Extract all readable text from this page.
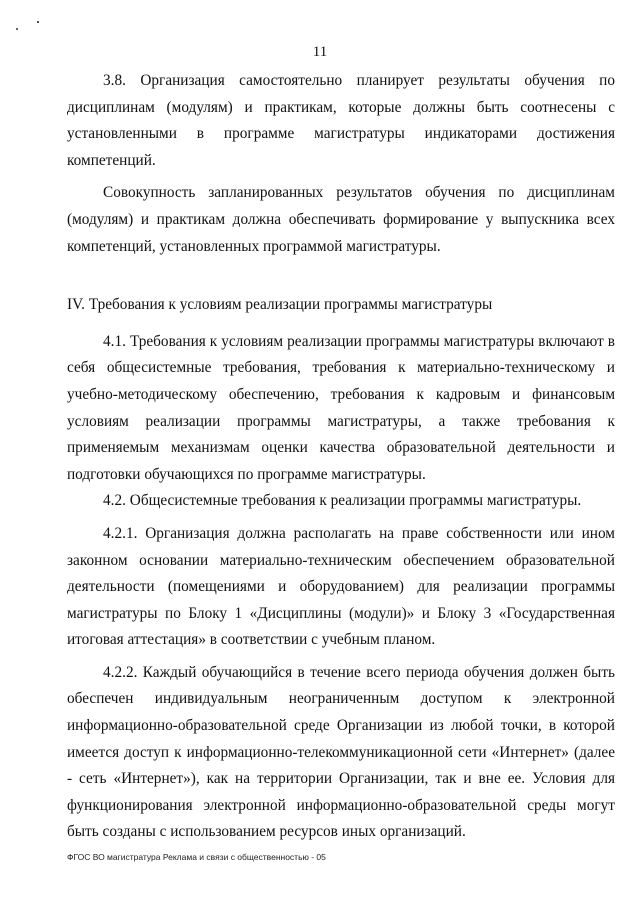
11

3.8. Организация самостоятельно планирует результаты обучения по дисциплинам (модулям) и практикам, которые должны быть соотнесены с установленными в программе магистратуры индикаторами достижения компетенций.

Совокупность запланированных результатов обучения по дисциплинам (модулям) и практикам должна обеспечивать формирование у выпускника всех компетенций, установленных программой магистратуры.

IV. Требования к условиям реализации программы магистратуры

4.1. Требования к условиям реализации программы магистратуры включают в себя общесистемные требования, требования к материально-техническому и учебно-методическому обеспечению, требования к кадровым и финансовым условиям реализации программы магистратуры, а также требования к применяемым механизмам оценки качества образовательной деятельности и подготовки обучающихся по программе магистратуры.

4.2. Общесистемные требования к реализации программы магистратуры.

4.2.1. Организация должна располагать на праве собственности или ином законном основании материально-техническим обеспечением образовательной деятельности (помещениями и оборудованием) для реализации программы магистратуры по Блоку 1 «Дисциплины (модули)» и Блоку 3 «Государственная итоговая аттестация» в соответствии с учебным планом.

4.2.2. Каждый обучающийся в течение всего периода обучения должен быть обеспечен индивидуальным неограниченным доступом к электронной информационно-образовательной среде Организации из любой точки, в которой имеется доступ к информационно-телекоммуникационной сети «Интернет» (далее - сеть «Интернет»), как на территории Организации, так и вне ее. Условия для функционирования электронной информационно-образовательной среды могут быть созданы с использованием ресурсов иных организаций.

ФГОС ВО магистратура Реклама и связи с общественностью - 05
